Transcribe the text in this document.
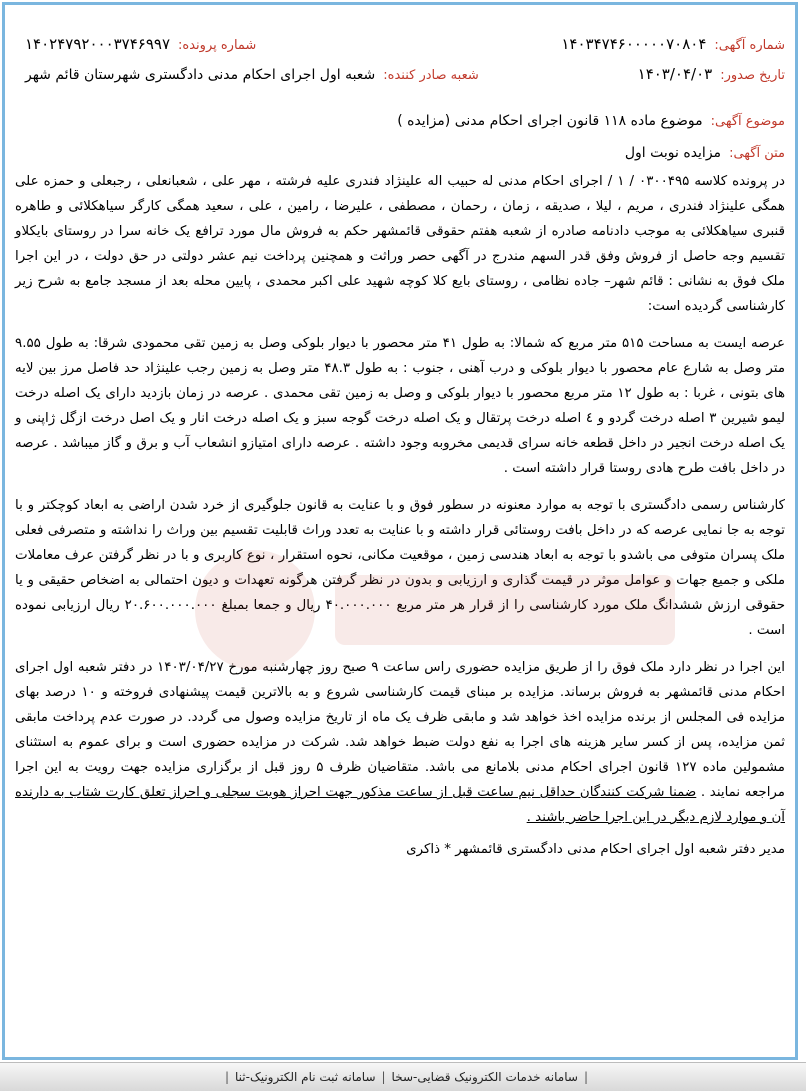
شماره آگهی:
۱۴۰۳۴۷۴۶۰۰۰۰۰۷۰۸۰۴
شماره پرونده:
۱۴۰۲۴۷۹۲۰۰۰۳۷۴۶۹۹۷
تاریخ صدور:
۱۴۰۳/۰۴/۰۳
شعبه صادر کننده:
شعبه اول اجرای احکام مدنی دادگستری شهرستان قائم شهر
موضوع آگهی:
موضوع ماده ۱۱۸ قانون اجرای احکام مدنی (مزایده )
متن آگهی:
مزایده نوبت اول
در پرونده کلاسه ۰۳۰۰۴۹۵ / ۱ / اجرای احکام مدنی له حبیب اله علینژاد فندری علیه فرشته ، مهر علی ، شعبانعلی ، رجبعلی و حمزه علی همگی علینژاد فندری ، مریم ، لیلا ، صدیقه ، زمان ، رحمان ، مصطفی ، علیرضا ، رامین ، علی ، سعید همگی کارگر سیاهکلائی و طاهره قنبری سیاهکلائی به موجب دادنامه صادره از شعبه هفتم حقوقی قائمشهر حکم به فروش مال مورد ترافع یک خانه سرا در روستای بایکلاو تقسیم وجه حاصل از فروش وفق قدر السهم مندرج در آگهی حصر وراثت و همچنین پرداخت نیم عشر دولتی در حق دولت ، در این اجرا ملک فوق به نشانی : قائم شهر– جاده نظامی ، روستای بایع کلا کوچه شهید علی اکبر محمدی ، پایین محله بعد از مسجد جامع به شرح زیر کارشناسی گردیده است:
عرصه ایست به مساحت ۵۱۵ متر مربع که شمالا: به طول ۴۱ متر محصور با دیوار بلوکی وصل به زمین تقی محمودی شرقا: به طول ۹.۵۵ متر وصل به شارع عام محصور با دیوار بلوکی و درب آهنی ، جنوب : به طول ۴۸.۳ متر وصل به زمین رجب علینژاد حد فاصل مرز بین لایه های بتونی ، غربا : به طول ۱۲ متر مربع محصور با دیوار بلوکی و وصل به زمین تقی محمدی . عرصه در زمان بازدید دارای یک اصله درخت لیمو شیرین ۳ اصله درخت گردو و ٤ اصله درخت پرتقال و یک اصله درخت گوجه سبز و یک اصله درخت انار و یک اصل درخت ازگل ژاپنی و یک اصله درخت انجیر در داخل قطعه خانه سرای قدیمی مخروبه وجود داشته . عرصه دارای امتیازو انشعاب آب و برق و گاز میباشد . عرصه در داخل بافت طرح هادی روستا قرار داشته است .
کارشناس رسمی دادگستری با توجه به موارد معنونه در سطور فوق و با عنایت به قانون جلوگیری از خرد شدن اراضی به ابعاد کوچکتر و با توجه به جا نمایی عرصه که در داخل بافت روستائی قرار داشته و با عنایت به تعدد وراث قابلیت تقسیم بین وراث را نداشته و متصرفی فعلی ملک پسران متوفی می باشدو با توجه به ابعاد هندسی زمین ، موقعیت مکانی، نحوه استقرار ، نوع کاربری و با در نظر گرفتن عرف معاملات ملکی و جمیع جهات و عوامل موثر در قیمت گذاری و ارزیابی و بدون در نظر گرفتن هرگونه تعهدات و دیون احتمالی به اضخاص حقیقی و یا حقوقی ارزش ششدانگ ملک مورد کارشناسی را از قرار هر متر مربع ۴۰.۰۰۰.۰۰۰ ریال و جمعا بمبلغ ۲۰.۶۰۰.۰۰۰.۰۰۰ ریال ارزیابی نموده است .
این اجرا در نظر دارد ملک فوق را از طریق مزایده حضوری راس ساعت ۹ صبح روز چهارشنبه مورخ ۱۴۰۳/۰۴/۲۷ در دفتر شعبه اول اجرای احکام مدنی قائمشهر به فروش برساند. مزایده بر مبنای قیمت کارشناسی شروع و به بالاترین قیمت پیشنهادی فروخته و ۱۰ درصد بهای مزایده فی المجلس از برنده مزایده اخذ خواهد شد و مابقی ظرف یک ماه از تاریخ مزایده وصول می گردد. در صورت عدم پرداخت مابقی ثمن مزایده، پس از کسر سایر هزینه های اجرا به نفع دولت ضبط خواهد شد. شرکت در مزایده حضوری است و برای عموم به استثنای مشمولین ماده ۱۲۷ قانون اجرای احکام مدنی بلامانع می باشد. متقاضیان ظرف ۵ روز قبل از برگزاری مزایده جهت رویت به این اجرا مراجعه نمایند . ضمنا شرکت کنندگان حداقل نیم ساعت قبل از ساعت مذکور جهت احراز هویت سجلی و احراز تعلق کارت شتاب به دارنده آن و موارد لازم دیگر در این اجرا حاضر باشند .
مدیر دفتر شعبه اول اجرای احکام مدنی دادگستری قائمشهر * ذاکری
|
سامانه خدمات الکترونیک قضایی-سخا
|
سامانه ثبت نام الکترونیک-ثنا
|
